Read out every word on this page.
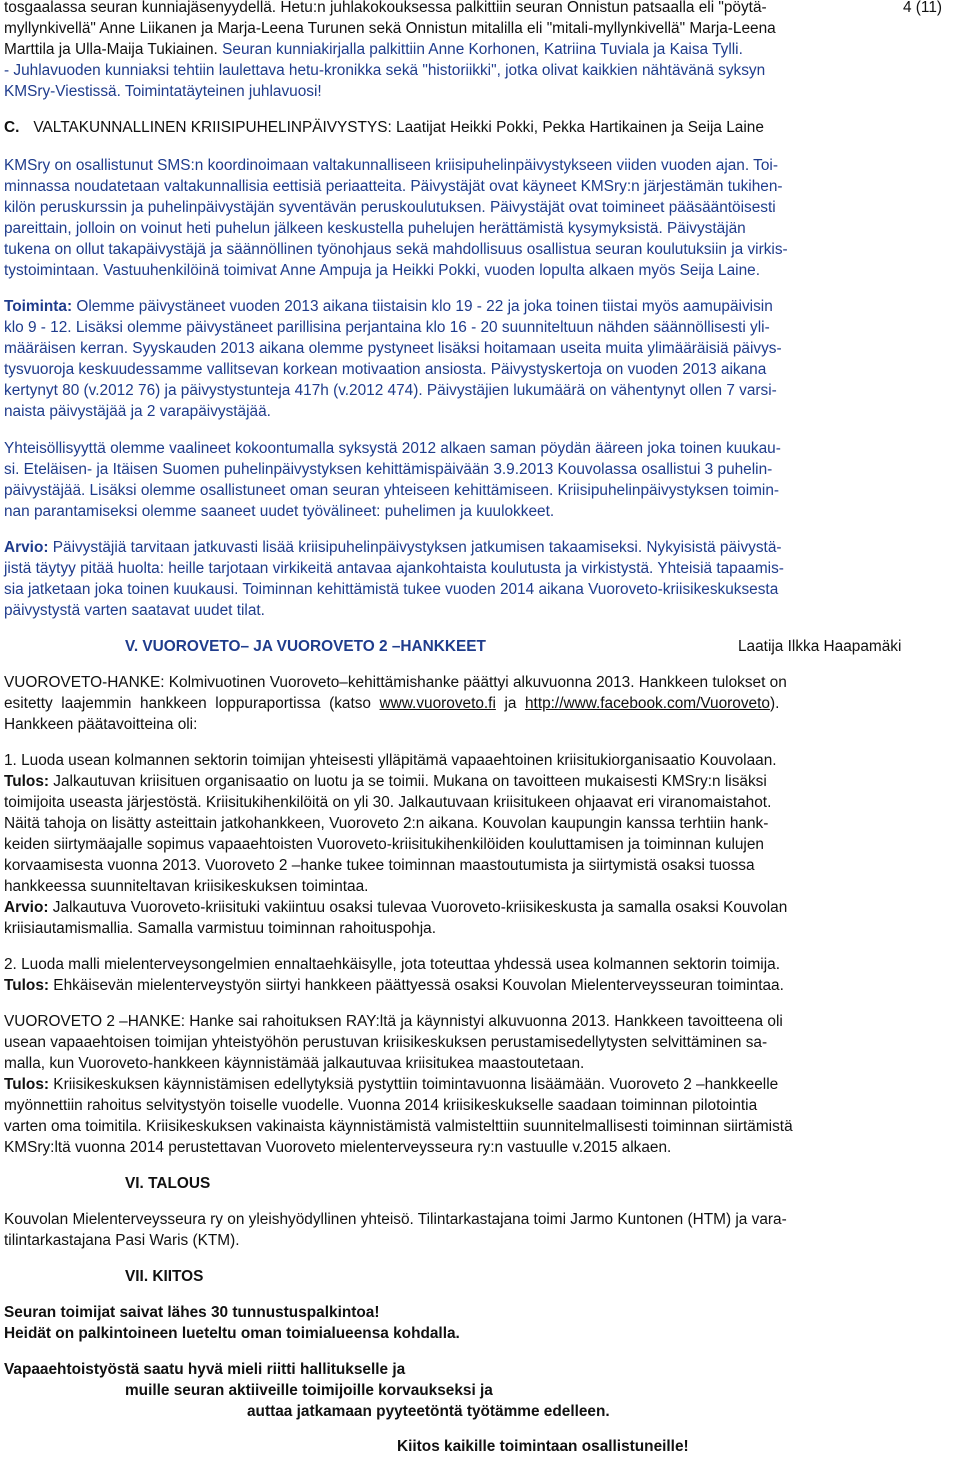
4 (11)
tosgaalassa seuran kunniajäsenyydellä. Hetu:n juhlakokouksessa palkittiin seuran Onnistun patsaalla eli "pöytä-
myllynkivellä" Anne Liikanen ja Marja-Leena Turunen sekä Onnistun mitalilla eli "mitali-myllynkivellä" Marja-Leena
Marttila ja Ulla-Maija Tukiainen. Seuran kunniakirjalla palkittiin Anne Korhonen, Katriina Tuviala ja Kaisa Tylli.
- Juhlavuoden kunniaksi tehtiin laulettava hetu-kronikka sekä "historiikki", jotka olivat kaikkien nähtävänä syksyn
KMSry-Viestissä. Toimintatäyteinen juhlavuosi!
C. VALTAKUNNALLINEN KRIISIPUHELINPÄIVYSTYS: Laatijat Heikki Pokki, Pekka Hartikainen ja Seija Laine
KMSry on osallistunut SMS:n koordinoimaan valtakunnalliseen kriisipuhelinpäivystykseen viiden vuoden ajan. Toi-
minnassa noudatetaan valtakunnallisia eettisiä periaatteita. Päivystäjät ovat käyneet KMSry:n järjestämän tukihen-
kilön peruskurssin ja puhelinpäivystäjän syventävän peruskoulutuksen. Päivystäjät ovat toimineet pääsääntöisesti
pareittain, jolloin on voinut heti puhelun jälkeen keskustella puhelujen herättämistä kysymyksistä. Päivystäjän
tukena on ollut takapäivystäjä ja säännöllinen työnohjaus sekä mahdollisuus osallistua seuran koulutuksiin ja virkis-
tystoimintaan. Vastuuhenkilöinä toimivat Anne Ampuja ja Heikki Pokki, vuoden lopulta alkaen myös Seija Laine.
Toiminta: Olemme päivystäneet vuoden 2013 aikana tiistaisin klo 19 - 22 ja joka toinen tiistai myös aamupäivisin
klo 9 - 12. Lisäksi olemme päivystäneet parillisina perjantaina klo 16 - 20 suunniteltuun nähden säännöllisesti yli-
määräisen kerran. Syyskauden 2013 aikana olemme pystyneet lisäksi hoitamaan useita muita ylimääräisiä päivys-
tysvuoroja keskuudessamme vallitsevan korkean motivaation ansiosta. Päivystyskertoja on vuoden 2013 aikana
kertynyt 80 (v.2012 76) ja päivystystunteja 417h (v.2012 474). Päivystäjien lukumäärä on vähentynyt ollen 7 varsi-
naista päivystäjää ja 2 varapäivystäjää.
Yhteisöllisyyttä olemme vaalineet kokoontumalla syksystä 2012 alkaen saman pöydän ääreen joka toinen kuukau-
si. Eteläisen- ja Itäisen Suomen puhelinpäivystyksen kehittämispäivään 3.9.2013 Kouvolassa osallistui 3 puhelin-
päivystäjää. Lisäksi olemme osallistuneet oman seuran yhteiseen kehittämiseen. Kriisipuhelinpäivystyksen toimin-
nan parantamiseksi olemme saaneet uudet työvälineet: puhelimen ja kuulokkeet.
Arvio: Päivystäjiä tarvitaan jatkuvasti lisää kriisipuhelinpäivystyksen jatkumisen takaamiseksi. Nykyisistä päivystä-
jistä täytyy pitää huolta: heille tarjotaan virkikeitä antavaa ajankohtaista koulutusta ja virkistystä. Yhteisiä tapaamis-
sia jatketaan joka toinen kuukausi. Toiminnan kehittämistä tukee vuoden 2014 aikana Vuoroveto-kriisikeskuksesta
päivystystä varten saatavat uudet tilat.
V. VUOROVETO– JA VUOROVETO 2 –HANKKEET	Laatija Ilkka Haapamäki
VUOROVETO-HANKE: Kolmivuotinen Vuoroveto–kehittämishanke päättyi alkuvuonna 2013. Hankkeen tulokset on
esitetty  laajemmin  hankkeen  loppuraportissa  (katso  www.vuoroveto.fi  ja  http://www.facebook.com/Vuoroveto).
Hankkeen päätavoitteina oli:
1. Luoda usean kolmannen sektorin toimijan yhteisesti ylläpitämä vapaaehtoinen kriisitukiorganisaatio Kouvolaan.
Tulos: Jalkautuvan kriisituen organisaatio on luotu ja se toimii. Mukana on tavoitteen mukaisesti KMSry:n lisäksi
toimijoita useasta järjestöstä. Kriisitukihenkilöitä on yli 30. Jalkautuvaan kriisitukeen ohjaavat eri viranomaistahot.
Näitä tahoja on lisätty asteittain jatkohankkeen, Vuoroveto 2:n aikana. Kouvolan kaupungin kanssa terhtiin hank-
keiden siirtymäajalle sopimus vapaaehtoisten Vuoroveto-kriisitukihenkilöiden kouluttamisen ja toiminnan kulujen
korvaamisesta vuonna 2013. Vuoroveto 2 –hanke tukee toiminnan maastoutumista ja siirtymistä osaksi tuossa
hankkeessa suunniteltavan kriisikeskuksen toimintaa.
Arvio: Jalkautuva Vuoroveto-kriisituki vakiintuu osaksi tulevaa Vuoroveto-kriisikeskusta ja samalla osaksi Kouvolan
kriisiautamismallia. Samalla varmistuu toiminnan rahoituspohja.
2. Luoda malli mielenterveysongelmien ennaltaehkäisylle, jota toteuttaa yhdessä usea kolmannen sektorin toimija.
Tulos: Ehkäisevän mielenterveystyön siirtyi hankkeen päättyessä osaksi Kouvolan Mielenterveysseuran toimintaa.
VUOROVETO 2 –HANKE: Hanke sai rahoituksen RAY:ltä ja käynnistyi alkuvuonna 2013. Hankkeen tavoitteena oli
usean vapaaehtoisen toimijan yhteistyöhön perustuvan kriisikeskuksen perustamisedellytysten selvittäminen sa-
malla, kun Vuoroveto-hankkeen käynnistämää jalkautuvaa kriisitukea maastoutetaan.
Tulos: Kriisikeskuksen käynnistämisen edellytyksiä pystyttiin toimintavuonna lisäämään. Vuoroveto 2 –hankkeelle
myönnettiin rahoitus selvitystyön toiselle vuodelle. Vuonna 2014 kriisikeskukselle saadaan toiminnan pilotointia
varten oma toimitila. Kriisikeskuksen vakinaista käynnistämistä valmistelttiin suunnitelmallisesti toiminnan siirtämistä
KMSry:ltä vuonna 2014 perustettavan Vuoroveto mielenterveysseura ry:n vastuulle v.2015 alkaen.
VI. TALOUS
Kouvolan Mielenterveysseura ry on yleishyödyllinen yhteisö. Tilintarkastajana toimi Jarmo Kuntonen (HTM) ja vara-
tilintarkastajana Pasi Waris (KTM).
VII. KIITOS
Seuran toimijat saivat lähes 30 tunnustuspalkintoa!
Heidät on palkintoineen lueteltu oman toimialueensa kohdalla.
Vapaaehtoistyöstä saatu hyvä mieli riitti hallitukselle ja
muille seuran aktiiveille toimijoille korvaukseksi ja
auttaa jatkamaan pyyteetöntä työtämme edelleen.
Kiitos kaikille toimintaan osallistuneille!
